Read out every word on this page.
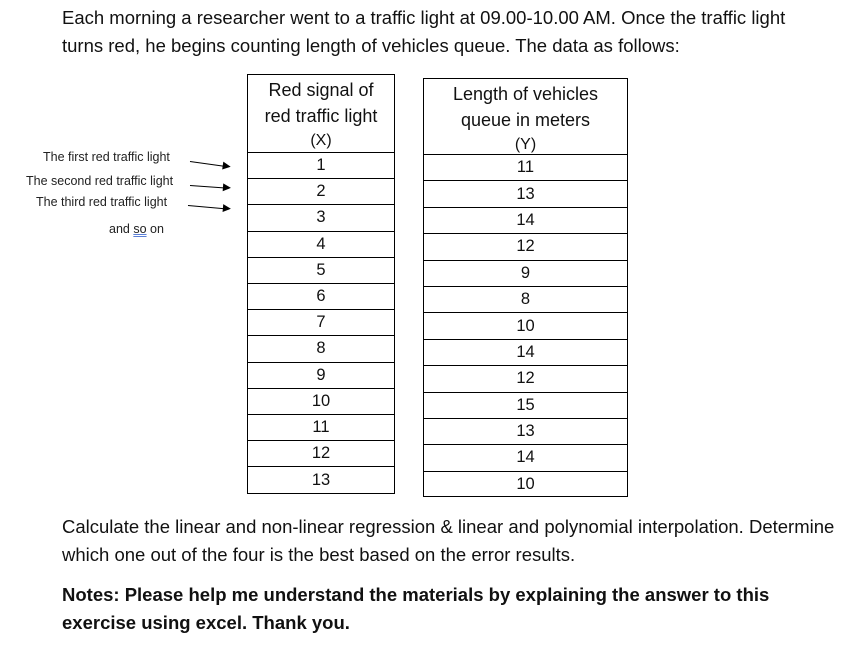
Each morning a researcher went to a traffic light at 09.00-10.00 AM. Once the traffic light turns red, he begins counting length of vehicles queue. The data as follows:

The first red traffic light
The second red traffic light
The third red traffic light
and so on
Red signal of
red traffic light
(X)
1
2
3
4
5
6
7
8
9
10
11
12
13
Length of vehicles
queue in meters
(Y)
11
13
14
12
9
8
10
14
12
15
13
14
10

Calculate the linear and non-linear regression & linear and polynomial interpolation. Determine which one out of the four is the best based on the error results.

Notes: Please help me understand the materials by explaining the answer to this exercise using excel. Thank you.
